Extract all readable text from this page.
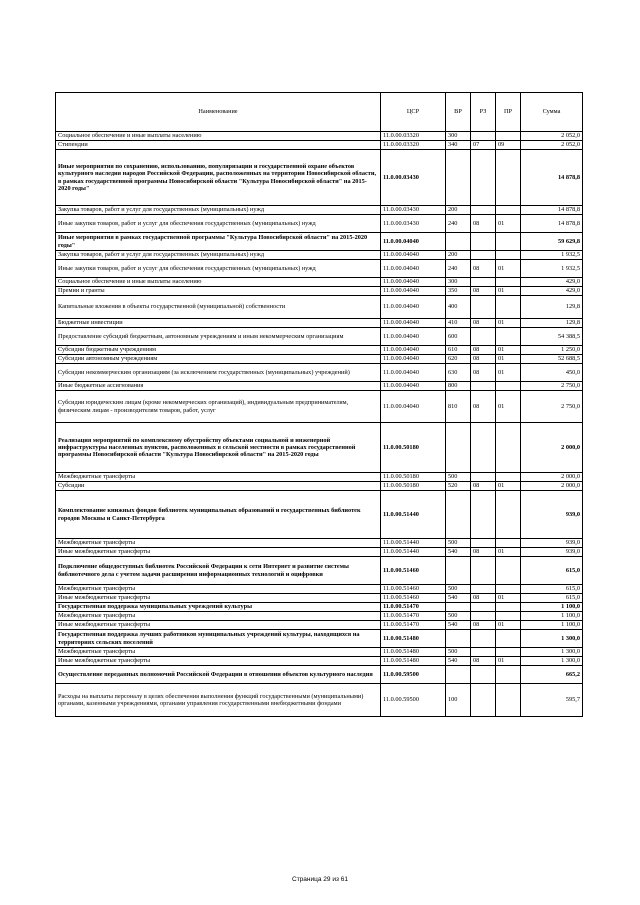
Наименование	ЦСР	ВР	РЗ	ПР	Сумма
Социальное обеспечение и иные выплаты населению	11.0.00.03320	300			2 052,0
Стипендии	11.0.00.03320	340	07	09	2 052,0
Иные мероприятия по сохранению, использованию, популяризации и государственной охране объектов культурного наследия народов Российской Федерации, расположенных на территории Новосибирской области, в рамках государственной программы Новосибирской области "Культура Новосибирской области" на 2015-2020 годы"	11.0.00.03430				14 878,8
Закупка товаров, работ и услуг для государственных (муниципальных) нужд	11.0.00.03430	200			14 878,8
Иные закупки товаров, работ и услуг для обеспечения государственных (муниципальных) нужд	11.0.00.03430	240	08	01	14 878,8
Иные мероприятия в рамках государственной программы "Культура Новосибирской области" на 2015-2020 годы"	11.0.00.04040				59 629,8
Закупка товаров, работ и услуг для государственных (муниципальных) нужд	11.0.00.04040	200			1 932,5
Иные закупки товаров, работ и услуг для обеспечения государственных (муниципальных) нужд	11.0.00.04040	240	08	01	1 932,5
Социальное обеспечение и иные выплаты населению	11.0.00.04040	300			429,0
Премии и гранты	11.0.00.04040	350	08	01	429,0
Капитальные вложения в объекты государственной (муниципальной) собственности	11.0.00.04040	400			129,8
Бюджетные инвестиции	11.0.00.04040	410	08	01	129,8
Предоставление субсидий бюджетным, автономным учреждениям и иным некоммерческим организациям	11.0.00.04040	600			54 388,5
Субсидии бюджетным учреждениям	11.0.00.04040	610	08	01	1 250,0
Субсидии автономным учреждениям	11.0.00.04040	620	08	01	52 688,5
Субсидии некоммерческим организациям (за исключением государственных (муниципальных) учреждений)	11.0.00.04040	630	08	01	450,0
Иные бюджетные ассигнования	11.0.00.04040	800			2 750,0
Субсидии юридическим лицам (кроме некоммерческих организаций), индивидуальным предпринимателям, физическим лицам - производителям товаров, работ, услуг	11.0.00.04040	810	08	01	2 750,0
Реализация мероприятий по комплексному обустройству объектами социальной и инженерной инфраструктуры населенных пунктов, расположенных в сельской местности в рамках государственной программы Новосибирской области "Культура Новосибирской области" на 2015-2020 годы	11.0.00.50180				2 000,0
Межбюджетные трансферты	11.0.00.50180	500			2 000,0
Субсидии	11.0.00.50180	520	08	01	2 000,0
Комплектование книжных фондов библиотек муниципальных образований и государственных библиотек городов Москвы и Санкт-Петербурга	11.0.00.51440				939,0
Межбюджетные трансферты	11.0.00.51440	500			939,0
Иные межбюджетные трансферты	11.0.00.51440	540	08	01	939,0
Подключение общедоступных библиотек Российской Федерации к сети Интернет и развитие системы библиотечного дела с учетом задачи расширения информационных технологий и оцифровки	11.0.00.51460				615,0
Межбюджетные трансферты	11.0.00.51460	500			615,0
Иные межбюджетные трансферты	11.0.00.51460	540	08	01	615,0
Государственная поддержка муниципальных учреждений культуры	11.0.00.51470				1 100,0
Межбюджетные трансферты	11.0.00.51470	500			1 100,0
Иные межбюджетные трансферты	11.0.00.51470	540	08	01	1 100,0
Государственная поддержка лучших работников муниципальных учреждений культуры, находящихся на территориях сельских поселений	11.0.00.51480				1 300,0
Межбюджетные трансферты	11.0.00.51480	500			1 300,0
Иные межбюджетные трансферты	11.0.00.51480	540	08	01	1 300,0
Осуществление переданных полномочий Российской Федерации в отношении объектов культурного наследия	11.0.00.59500				665,2
Расходы на выплаты персоналу в целях обеспечения выполнения функций государственными (муниципальными) органами, казенными учреждениями, органами управления государственными внебюджетными фондами	11.0.00.59500	100			595,7
Страница 29 из 61
